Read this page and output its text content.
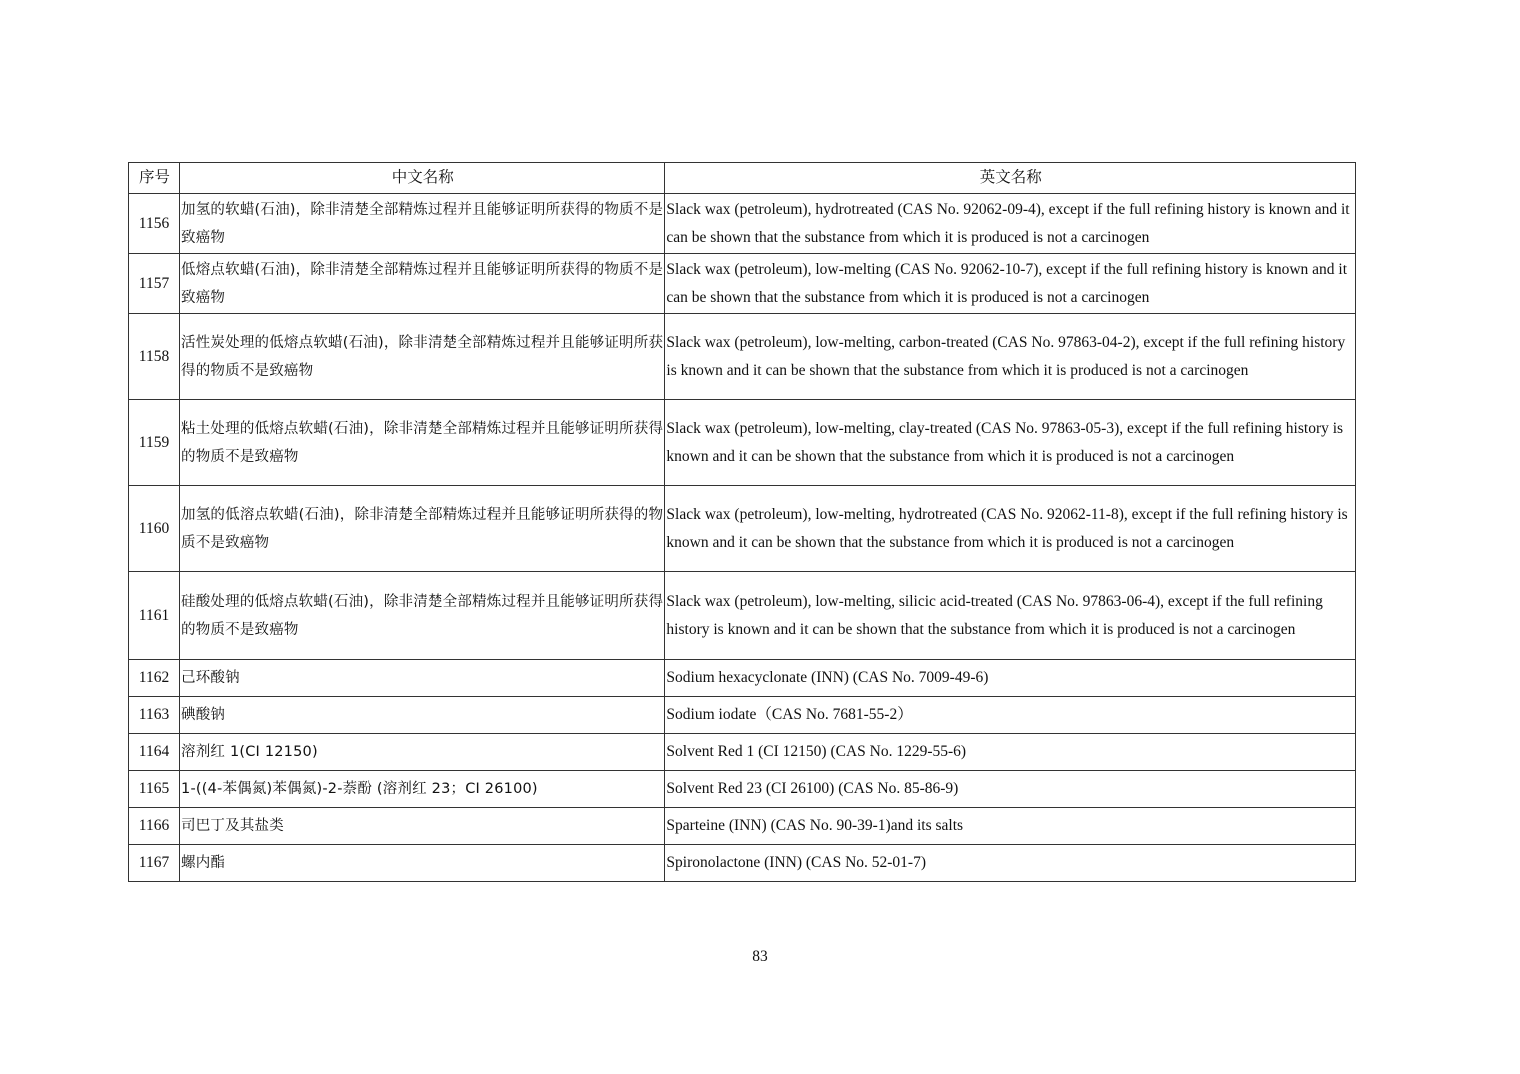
序号	中文名称	英文名称
1156	加氢的软蜡(石油)，除非清楚全部精炼过程并且能够证明所获得的物质不是致癌物	Slack wax (petroleum), hydrotreated (CAS No. 92062-09-4), except if the full refining history is known and it can be shown that the substance from which it is produced is not a carcinogen
1157	低熔点软蜡(石油)，除非清楚全部精炼过程并且能够证明所获得的物质不是致癌物	Slack wax (petroleum), low-melting (CAS No. 92062-10-7), except if the full refining history is known and it can be shown that the substance from which it is produced is not a carcinogen
1158	活性炭处理的低熔点软蜡(石油)，除非清楚全部精炼过程并且能够证明所获得的物质不是致癌物	Slack wax (petroleum), low-melting, carbon-treated (CAS No. 97863-04-2), except if the full refining history is known and it can be shown that the substance from which it is produced is not a carcinogen
1159	粘土处理的低熔点软蜡(石油)，除非清楚全部精炼过程并且能够证明所获得的物质不是致癌物	Slack wax (petroleum), low-melting, clay-treated (CAS No. 97863-05-3), except if the full refining history is known and it can be shown that the substance from which it is produced is not a carcinogen
1160	加氢的低溶点软蜡(石油)，除非清楚全部精炼过程并且能够证明所获得的物质不是致癌物	Slack wax (petroleum), low-melting, hydrotreated (CAS No. 92062-11-8), except if the full refining history is known and it can be shown that the substance from which it is produced is not a carcinogen
1161	硅酸处理的低熔点软蜡(石油)，除非清楚全部精炼过程并且能够证明所获得的物质不是致癌物	Slack wax (petroleum), low-melting, silicic acid-treated (CAS No. 97863-06-4), except if the full refining history is known and it can be shown that the substance from which it is produced is not a carcinogen
1162	己环酸钠	Sodium hexacyclonate (INN) (CAS No. 7009-49-6)
1163	碘酸钠	Sodium iodate（CAS No. 7681-55-2）
1164	溶剂红 1(CI 12150)	Solvent Red 1 (CI 12150) (CAS No. 1229-55-6)
1165	1-((4-苯偶氮)苯偶氮)-2-萘酚 (溶剂红 23；CI 26100)	Solvent Red 23 (CI 26100) (CAS No. 85-86-9)
1166	司巴丁及其盐类	Sparteine (INN) (CAS No. 90-39-1)and its salts
1167	螺内酯	Spironolactone (INN) (CAS No. 52-01-7)
83
